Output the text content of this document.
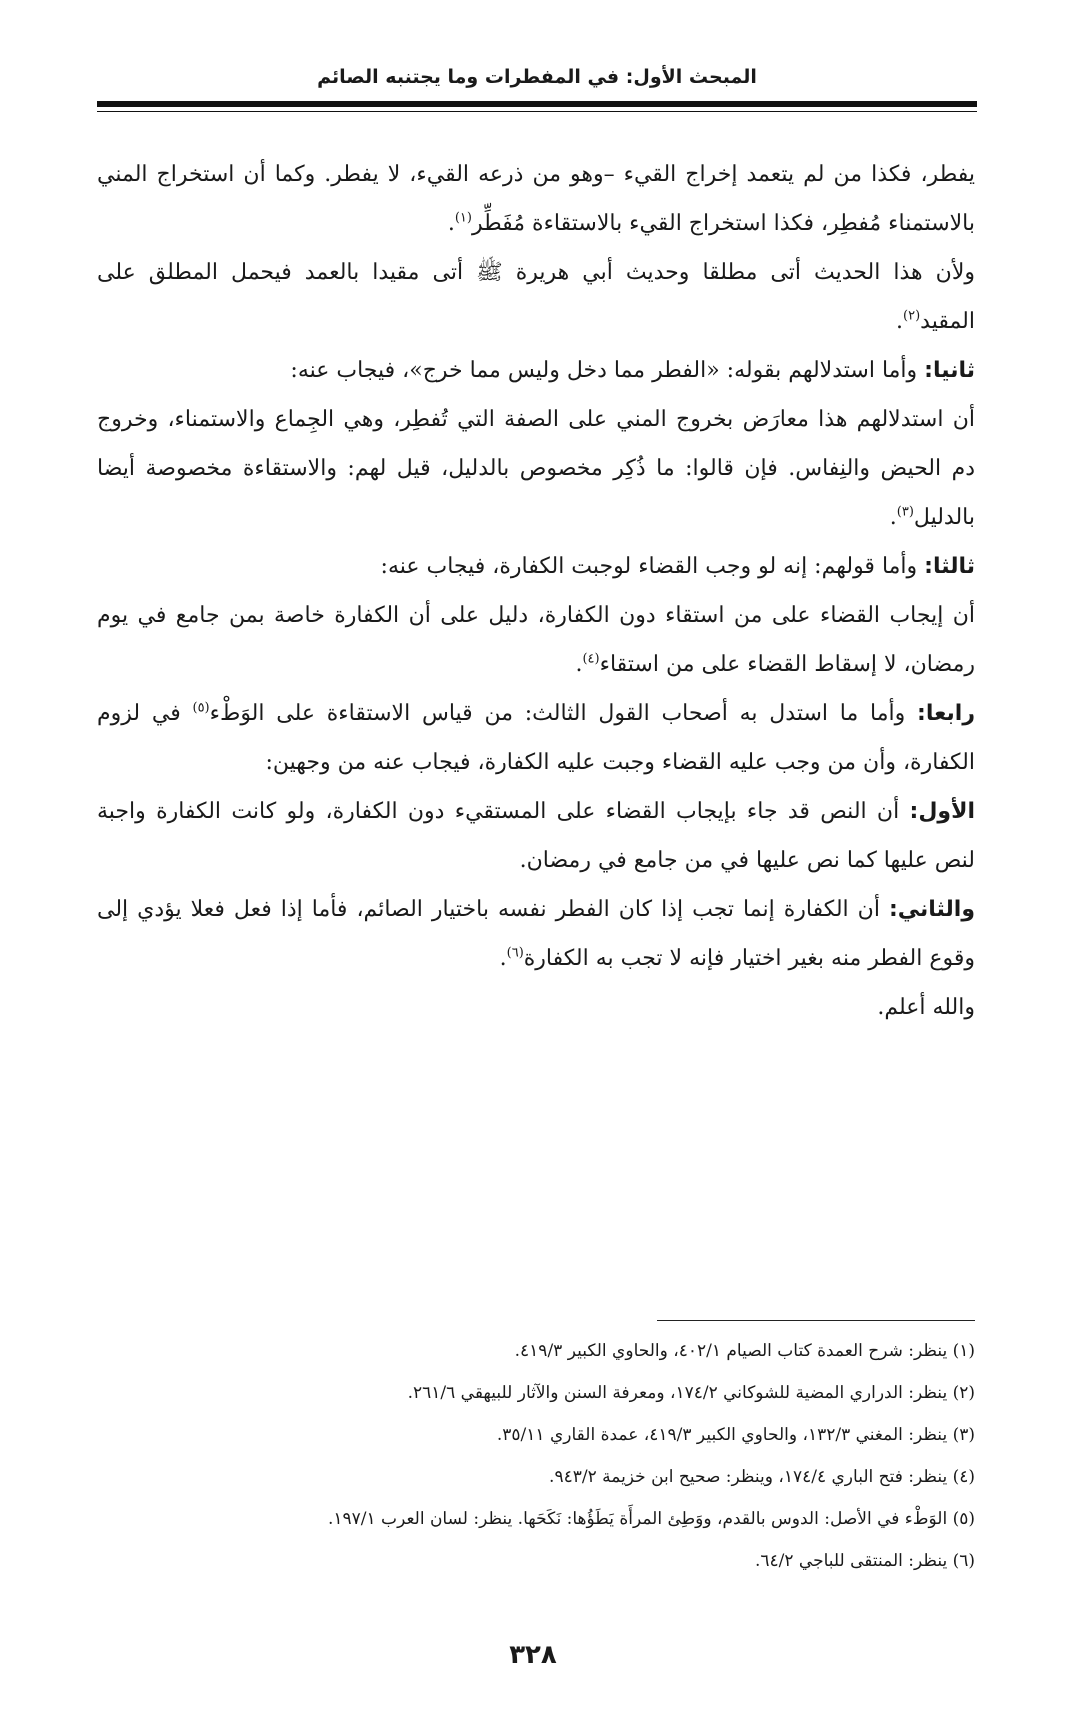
المبحث الأول: في المفطرات وما يجتنبه الصائم

يفطر، فكذا من لم يتعمد إخراج القيء –وهو من ذرعه القيء، لا يفطر. وكما أن استخراج المني بالاستمناء مُفطِر، فكذا استخراج القيء بالاستقاءة مُفَطِّر$^{(١)}$.

ولأن هذا الحديث أتى مطلقا وحديث أبي هريرة ﷺ أتى مقيدا بالعمد فيحمل المطلق على المقيد$^{(٢)}$.

ثانيا: وأما استدلالهم بقوله: «الفطر مما دخل وليس مما خرج»، فيجاب عنه:

أن استدلالهم هذا معارَض بخروج المني على الصفة التي تُفطِر، وهي الجِماع والاستمناء، وخروج دم الحيض والنِفاس. فإن قالوا: ما ذُكِر مخصوص بالدليل، قيل لهم: والاستقاءة مخصوصة أيضا بالدليل$^{(٣)}$.

ثالثا: وأما قولهم: إنه لو وجب القضاء لوجبت الكفارة، فيجاب عنه:

أن إيجاب القضاء على من استقاء دون الكفارة، دليل على أن الكفارة خاصة بمن جامع في يوم رمضان، لا إسقاط القضاء على من استقاء$^{(٤)}$.

رابعا: وأما ما استدل به أصحاب القول الثالث: من قياس الاستقاءة على الوَطْء$^{(٥)}$ في لزوم الكفارة، وأن من وجب عليه القضاء وجبت عليه الكفارة، فيجاب عنه من وجهين:

الأول: أن النص قد جاء بإيجاب القضاء على المستقيء دون الكفارة، ولو كانت الكفارة واجبة لنص عليها كما نص عليها في من جامع في رمضان.

والثاني: أن الكفارة إنما تجب إذا كان الفطر نفسه باختيار الصائم، فأما إذا فعل فعلا يؤدي إلى وقوع الفطر منه بغير اختيار فإنه لا تجب به الكفارة$^{(٦)}$.

والله أعلم.

(١) ينظر: شرح العمدة كتاب الصيام ٤٠٢/١، والحاوي الكبير ٤١٩/٣.

(٢) ينظر: الدراري المضية للشوكاني ١٧٤/٢، ومعرفة السنن والآثار للبيهقي ٢٦١/٦.

(٣) ينظر: المغني ١٣٢/٣، والحاوي الكبير ٤١٩/٣، عمدة القاري ٣٥/١١.

(٤) ينظر: فتح الباري ١٧٤/٤، وينظر: صحيح ابن خزيمة ٩٤٣/٢.

(٥) الوَطْء في الأصل: الدوس بالقدم، ووَطِئ المرأَة يَطَؤُها: نَكَحَها. ينظر: لسان العرب ١٩٧/١.

(٦) ينظر: المنتقى للباجي ٦٤/٢.

٣٢٨
